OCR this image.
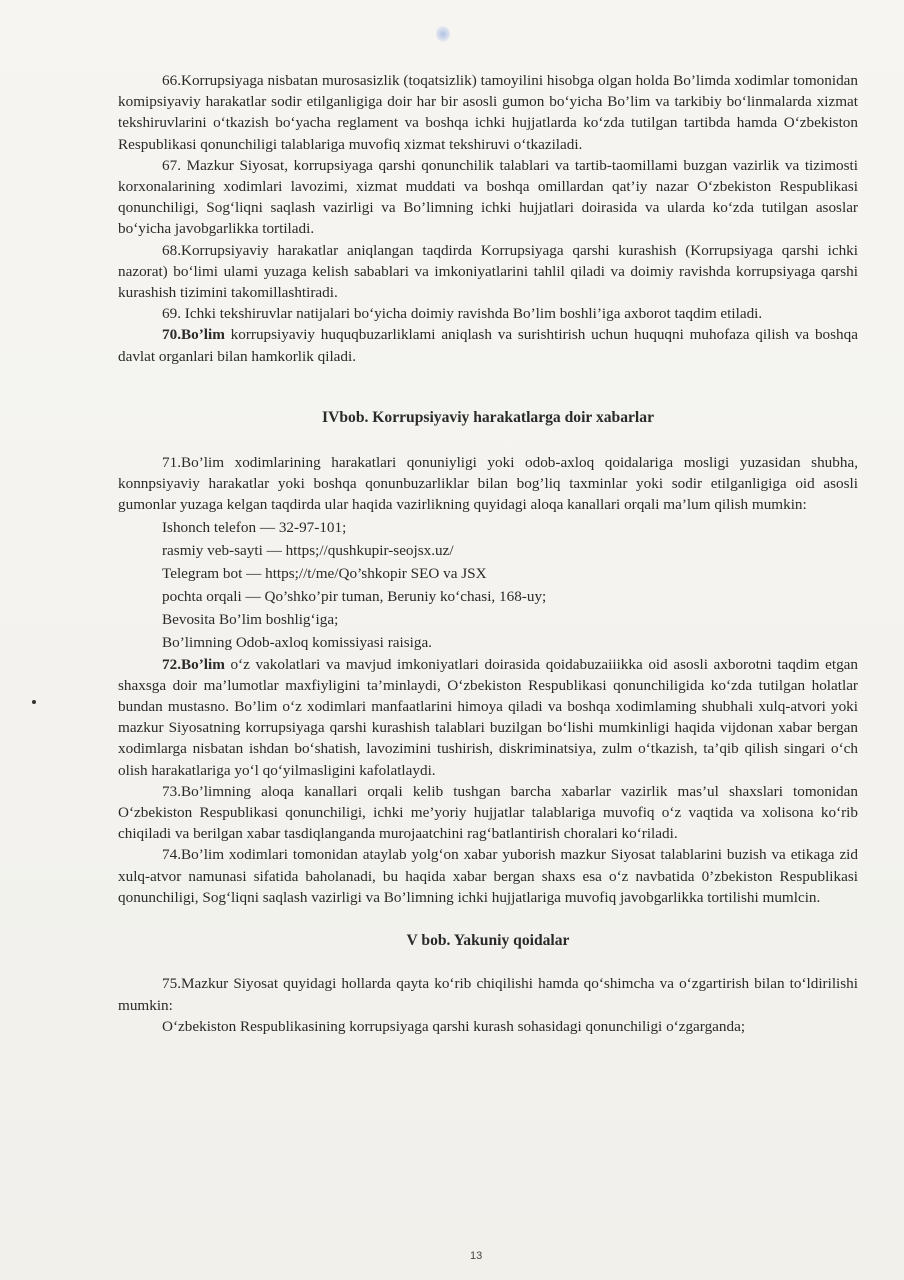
66.Korrupsiyaga nisbatan murosasizlik (toqatsizlik) tamoyilini hisobga olgan holda Bo’limda xodimlar tomonidan komipsiyaviy harakatlar sodir etilganligiga doir har bir asosli gumon bo‘yicha Bo’lim va tarkibiy bo‘linmalarda xizmat tekshiruvlarini o‘tkazish bo‘yacha reglament va boshqa ichki hujjatlarda ko‘zda tutilgan tartibda hamda O‘zbekiston Respublikasi qonunchiligi talablariga muvofiq xizmat tekshiruvi o‘tkaziladi.

67. Mazkur Siyosat, korrupsiyaga qarshi qonunchilik talablari va tartib-taomillami buzgan vazirlik va tizimosti korxonalarining xodimlari lavozimi, xizmat muddati va boshqa omillardan qat’iy nazar O‘zbekiston Respublikasi qonunchiligi, Sog‘liqni saqlash vazirligi va Bo’limning ichki hujjatlari doirasida va ularda ko‘zda tutilgan asoslar bo‘yicha javobgarlikka tortiladi.

68.Korrupsiyaviy harakatlar aniqlangan taqdirda Korrupsiyaga qarshi kurashish (Korrupsiyaga qarshi ichki nazorat) bo‘limi ulami yuzaga kelish sabablari va imkoniyatlarini tahlil qiladi va doimiy ravishda korrupsiyaga qarshi kurashish tizimini takomillashtiradi.

69. Ichki tekshiruvlar natijalari bo‘yicha doimiy ravishda Bo’lim boshli’iga axborot taqdim etiladi.

70.Bo’lim korrupsiyaviy huquqbuzarliklami aniqlash va surishtirish uchun huquqni muhofaza qilish va boshqa davlat organlari bilan hamkorlik qiladi.

IVbob. Korrupsiyaviy harakatlarga doir xabarlar

71.Bo’lim xodimlarining harakatlari qonuniyligi yoki odob-axloq qoidalariga mosligi yuzasidan shubha, konnpsiyaviy harakatlar yoki boshqa qonunbuzarliklar bilan bog’liq taxminlar yoki sodir etilganligiga oid asosli gumonlar yuzaga kelgan taqdirda ular haqida vazirlikning quyidagi aloqa kanallari orqali ma’lum qilish mumkin:

Ishonch telefon — 32-97-101;
rasmiy veb-sayti — https;//qushkupir-seojsx.uz/
Telegram bot — https;//t/me/Qo’shkopir SEO va JSX
pochta orqali — Qo’shko’pir tuman, Beruniy ko‘chasi, 168-uy;
Bevosita Bo’lim boshlig‘iga;
Bo’limning Odob-axloq komissiyasi raisiga.

72.Bo’lim o‘z vakolatlari va mavjud imkoniyatlari doirasida qoidabuzaiiikka oid asosli axborotni taqdim etgan shaxsga doir ma’lumotlar maxfiyligini ta’minlaydi, O‘zbekiston Respublikasi qonunchiligida ko‘zda tutilgan holatlar bundan mustasno. Bo’lim o‘z xodimlari manfaatlarini himoya qiladi va boshqa xodimlaming shubhali xulq-atvori yoki mazkur Siyosatning korrupsiyaga qarshi kurashish talablari buzilgan bo‘lishi mumkinligi haqida vijdonan xabar bergan xodimlarga nisbatan ishdan bo‘shatish, lavozimini tushirish, diskriminatsiya, zulm o‘tkazish, ta’qib qilish singari o‘ch olish harakatlariga yo‘l qo‘yilmasligini kafolatlaydi.

73.Bo’limning aloqa kanallari orqali kelib tushgan barcha xabarlar vazirlik mas’ul shaxslari tomonidan O‘zbekiston Respublikasi qonunchiligi, ichki me’yoriy hujjatlar talablariga muvofiq o‘z vaqtida va xolisona ko‘rib chiqiladi va berilgan xabar tasdiqlanganda murojaatchini rag‘batlantirish choralari ko‘riladi.

74.Bo’lim xodimlari tomonidan ataylab yolg‘on xabar yuborish mazkur Siyosat talablarini buzish va etikaga zid xulq-atvor namunasi sifatida baholanadi, bu haqida xabar bergan shaxs esa o‘z navbatida 0’zbekiston Respublikasi qonunchiligi, Sog‘liqni saqlash vazirligi va Bo’limning ichki hujjatlariga muvofiq javobgarlikka tortilishi mumlcin.

V bob. Yakuniy qoidalar

75.Mazkur Siyosat quyidagi hollarda qayta ko‘rib chiqilishi hamda qo‘shimcha va o‘zgartirish bilan to‘ldirilishi mumkin:

O‘zbekiston Respublikasining korrupsiyaga qarshi kurash sohasidagi qonunchiligi o‘zgarganda;

13
